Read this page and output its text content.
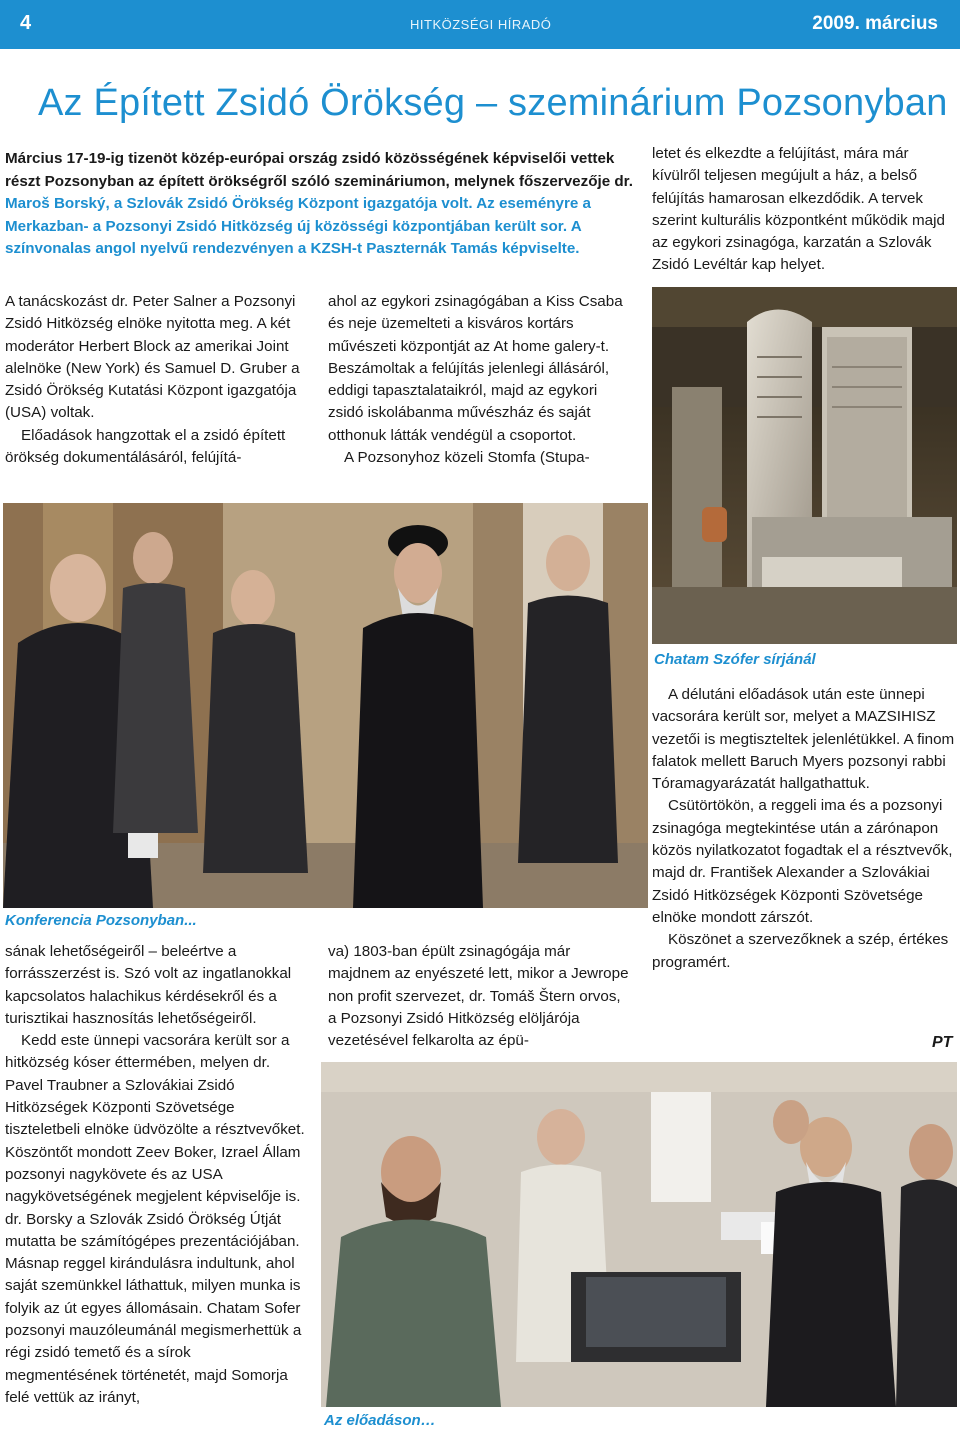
4	HITKÖZSÉGI HÍRADÓ	2009. március
Az Épített Zsidó Örökség – szeminárium Pozsonyban
Március 17-19-ig tizenöt közép-európai ország zsidó közösségének képviselői vettek részt Pozsonyban az épített örökségről szóló szemináriumon, melynek főszervezője dr. Maroš Borský, a Szlovák Zsidó Örökség Központ igazgatója volt. Az eseményre a Merkazban- a Pozsonyi Zsidó Hitközség új közösségi központjában került sor. A színvonalas angol nyelvű rendezvényen a KZSH-t Paszternák Tamás képviselte.

letet és elkezdte a felújítást, mára már kívülről teljesen megújult a ház, a belső felújítás hamarosan elkezdődik. A tervek szerint kulturális központként működik majd az egykori zsinagóga, karzatán a Szlovák Zsidó Levéltár kap helyet.

A tanácskozást dr. Peter Salner a Pozsonyi Zsidó Hitközség elnöke nyitotta meg. A két moderátor Herbert Block az amerikai Joint alelnöke (New York) és Samuel D. Gruber a Zsidó Örökség Kutatási Központ igazgatója (USA) voltak.

Előadások hangzottak el a zsidó épített örökség dokumentálásáról, felújítá-

ahol az egykori zsinagógában a Kiss Csaba és neje üzemelteti a kisváros kortárs művészeti központját az At home galery-t. Beszámoltak a felújítás jelenlegi állásáról, eddigi tapasztalataikról, majd az egykori zsidó iskolábanma művészház és saját otthonuk látták vendégül a csoportot.

A Pozsonyhoz közeli Stomfa (Stupa-

Chatam Szófer sírjánál
Konferencia Pozsonyban...

A délutáni előadások után este ünnepi vacsorára került sor, melyet a MAZSIHISZ vezetői is megtiszteltek jelenlétükkel. A finom falatok mellett Baruch Myers pozsonyi rabbi Tóramagyarázatát hallgathattuk.

Csütörtökön, a reggeli ima és a pozsonyi zsinagóga megtekintése után a zárónapon közös nyilatkozatot fogadtak el a résztvevők, majd dr. František Alexander a Szlovákiai Zsidó Hitközségek Központi Szövetsége elnöke mondott zárszót.

Köszönet a szervezőknek a szép, értékes programért.

PT

sának lehetőségeiről – beleértve a forrásszerzést is. Szó volt az ingatlanokkal kapcsolatos halachikus kérdésekről és a turisztikai hasznosítás lehetőségeiről.

Kedd este ünnepi vacsorára került sor a hitközség kóser éttermében, melyen dr. Pavel Traubner a Szlovákiai Zsidó Hitközségek Központi Szövetsége tiszteletbeli elnöke üdvözölte a résztvevőket. Köszöntőt mondott Zeev Boker, Izrael Állam pozsonyi nagykövete és az USA nagykövetségének megjelent képviselője is. dr. Borsky a Szlovák Zsidó Örökség Útját mutatta be számítógépes prezentációjában. Másnap reggel kirándulásra indultunk, ahol saját szemünkkel láthattuk, milyen munka is folyik az út egyes állomásain. Chatam Sofer pozsonyi mauzóleumánál megismerhettük a régi zsidó temető és a sírok megmentésének történetét, majd Somorja felé vettük az irányt,

va) 1803-ban épült zsinagógája már majdnem az enyészeté lett, mikor a Jewrope non profit szervezet, dr. Tomáš Štern orvos, a Pozsonyi Zsidó Hitközség elöljárója vezetésével felkarolta az épü-

Az előadáson…
